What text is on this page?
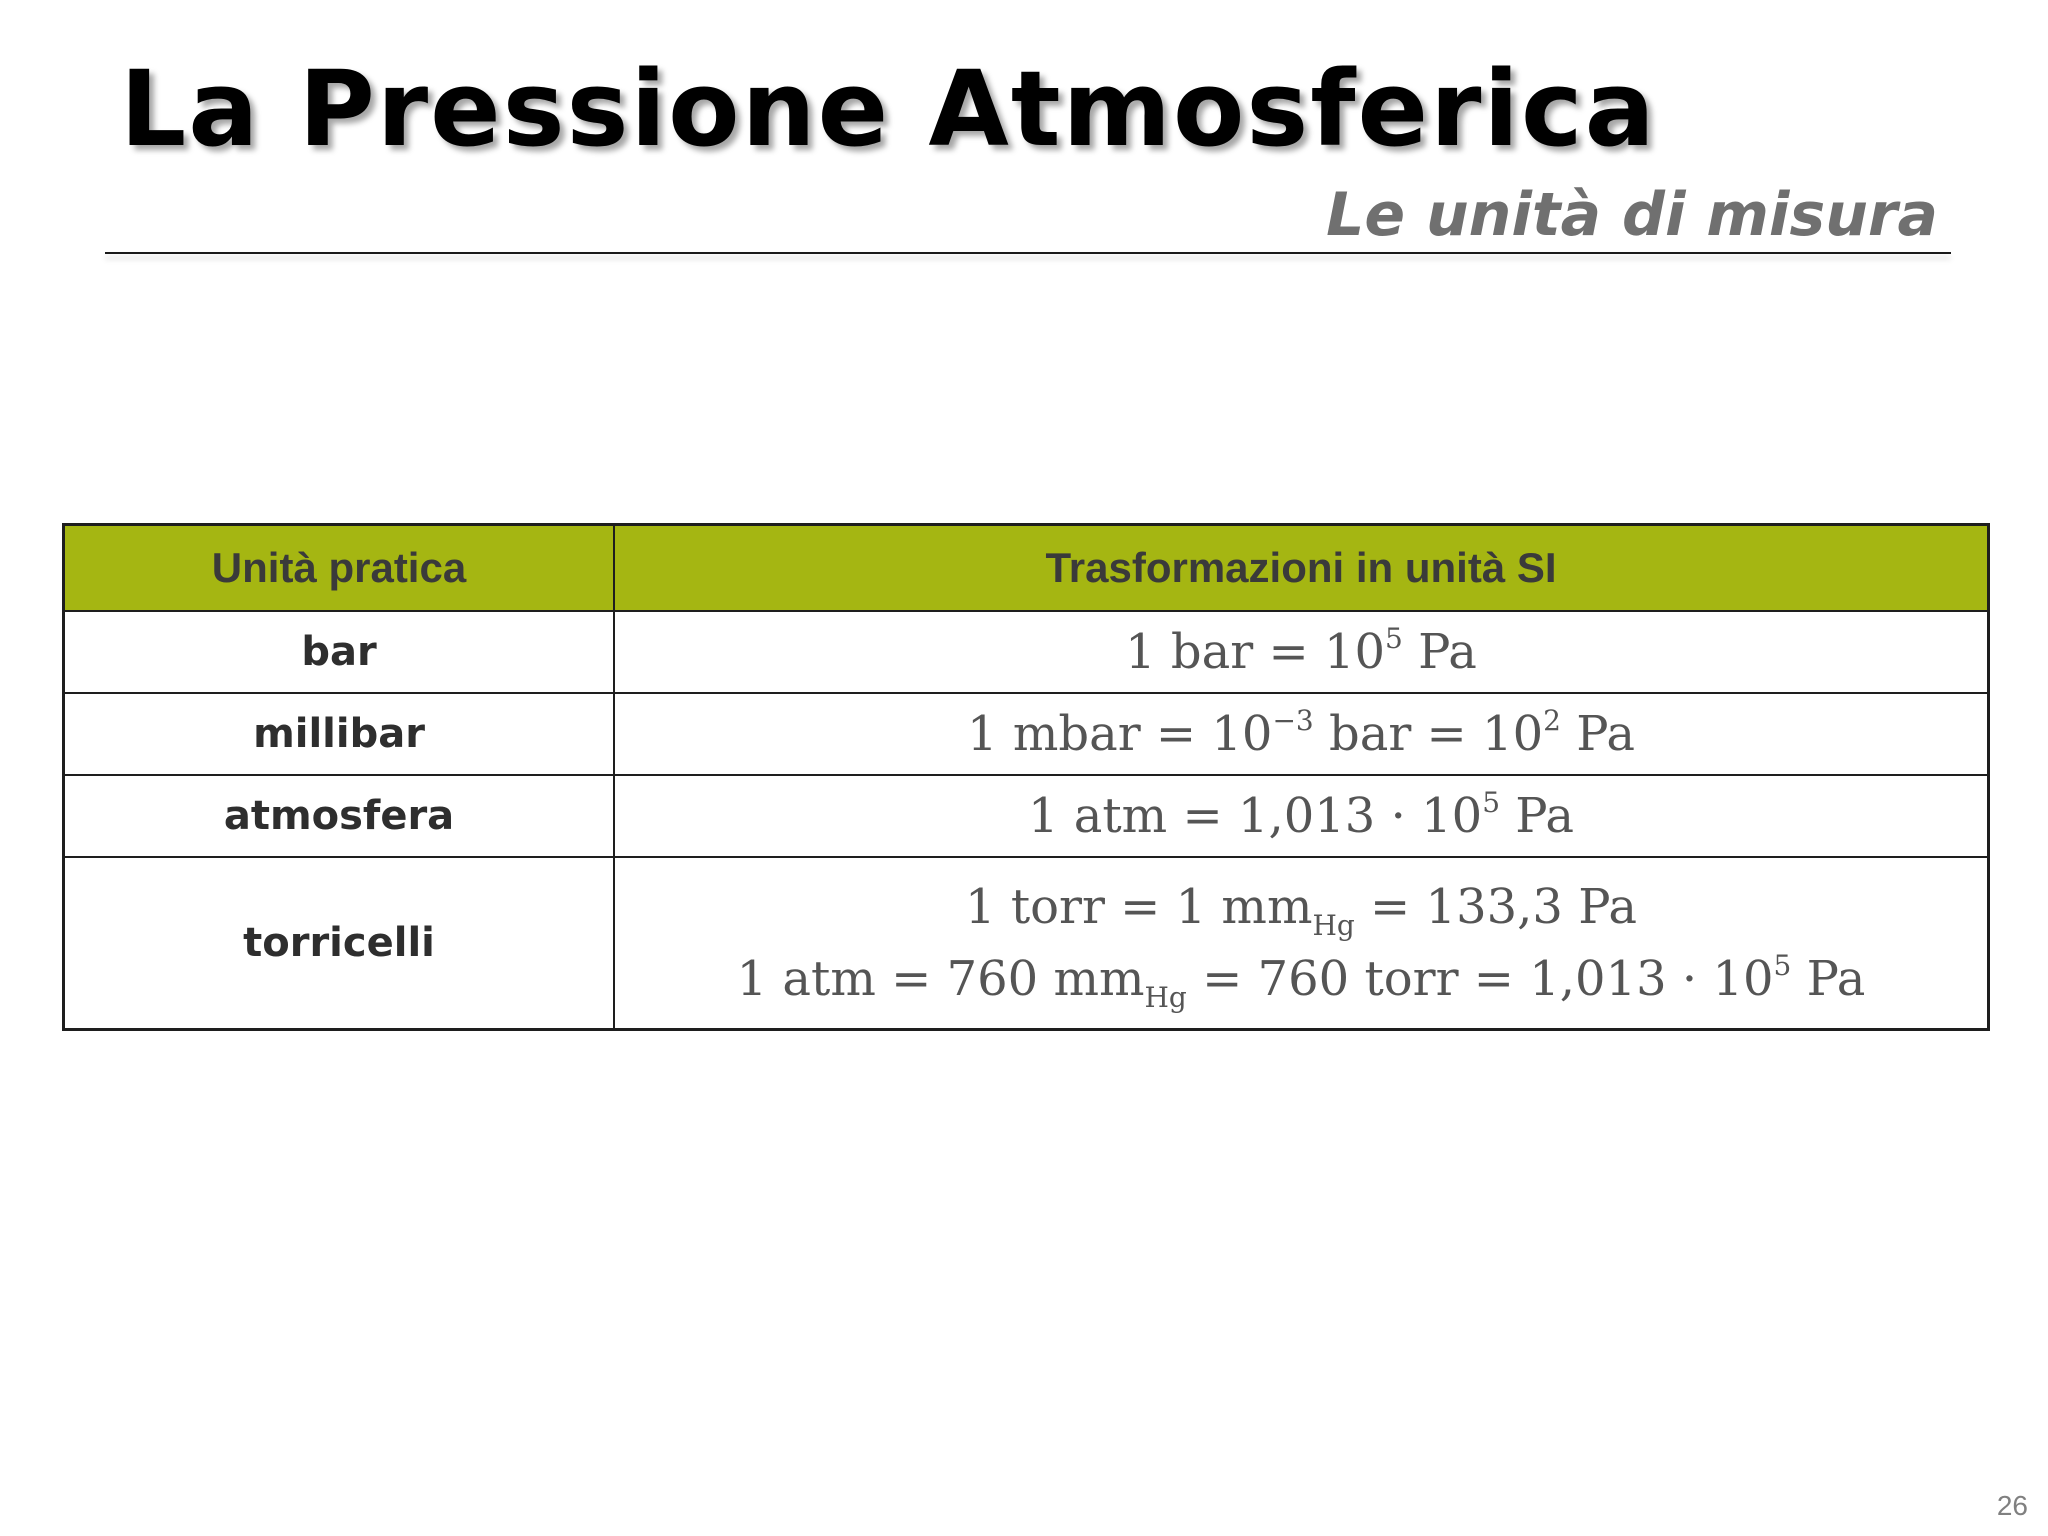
La Pressione Atmosferica
Le unità di misura
Unità pratica	Trasformazioni in unità SI
bar	1 bar = $10^5$ Pa

millibar	1 mbar = $10^{-3}$ bar = $10^2$ Pa

atmosfera	1 atm = $1,013 \cdot 10^5$ Pa

torricelli	1 torr = 1 $mm_{Hg} = 133,3$ Pa
1 atm = 760 $mm_{Hg} = 760$ torr = $1,013 \cdot 10^5$ Pa
26
